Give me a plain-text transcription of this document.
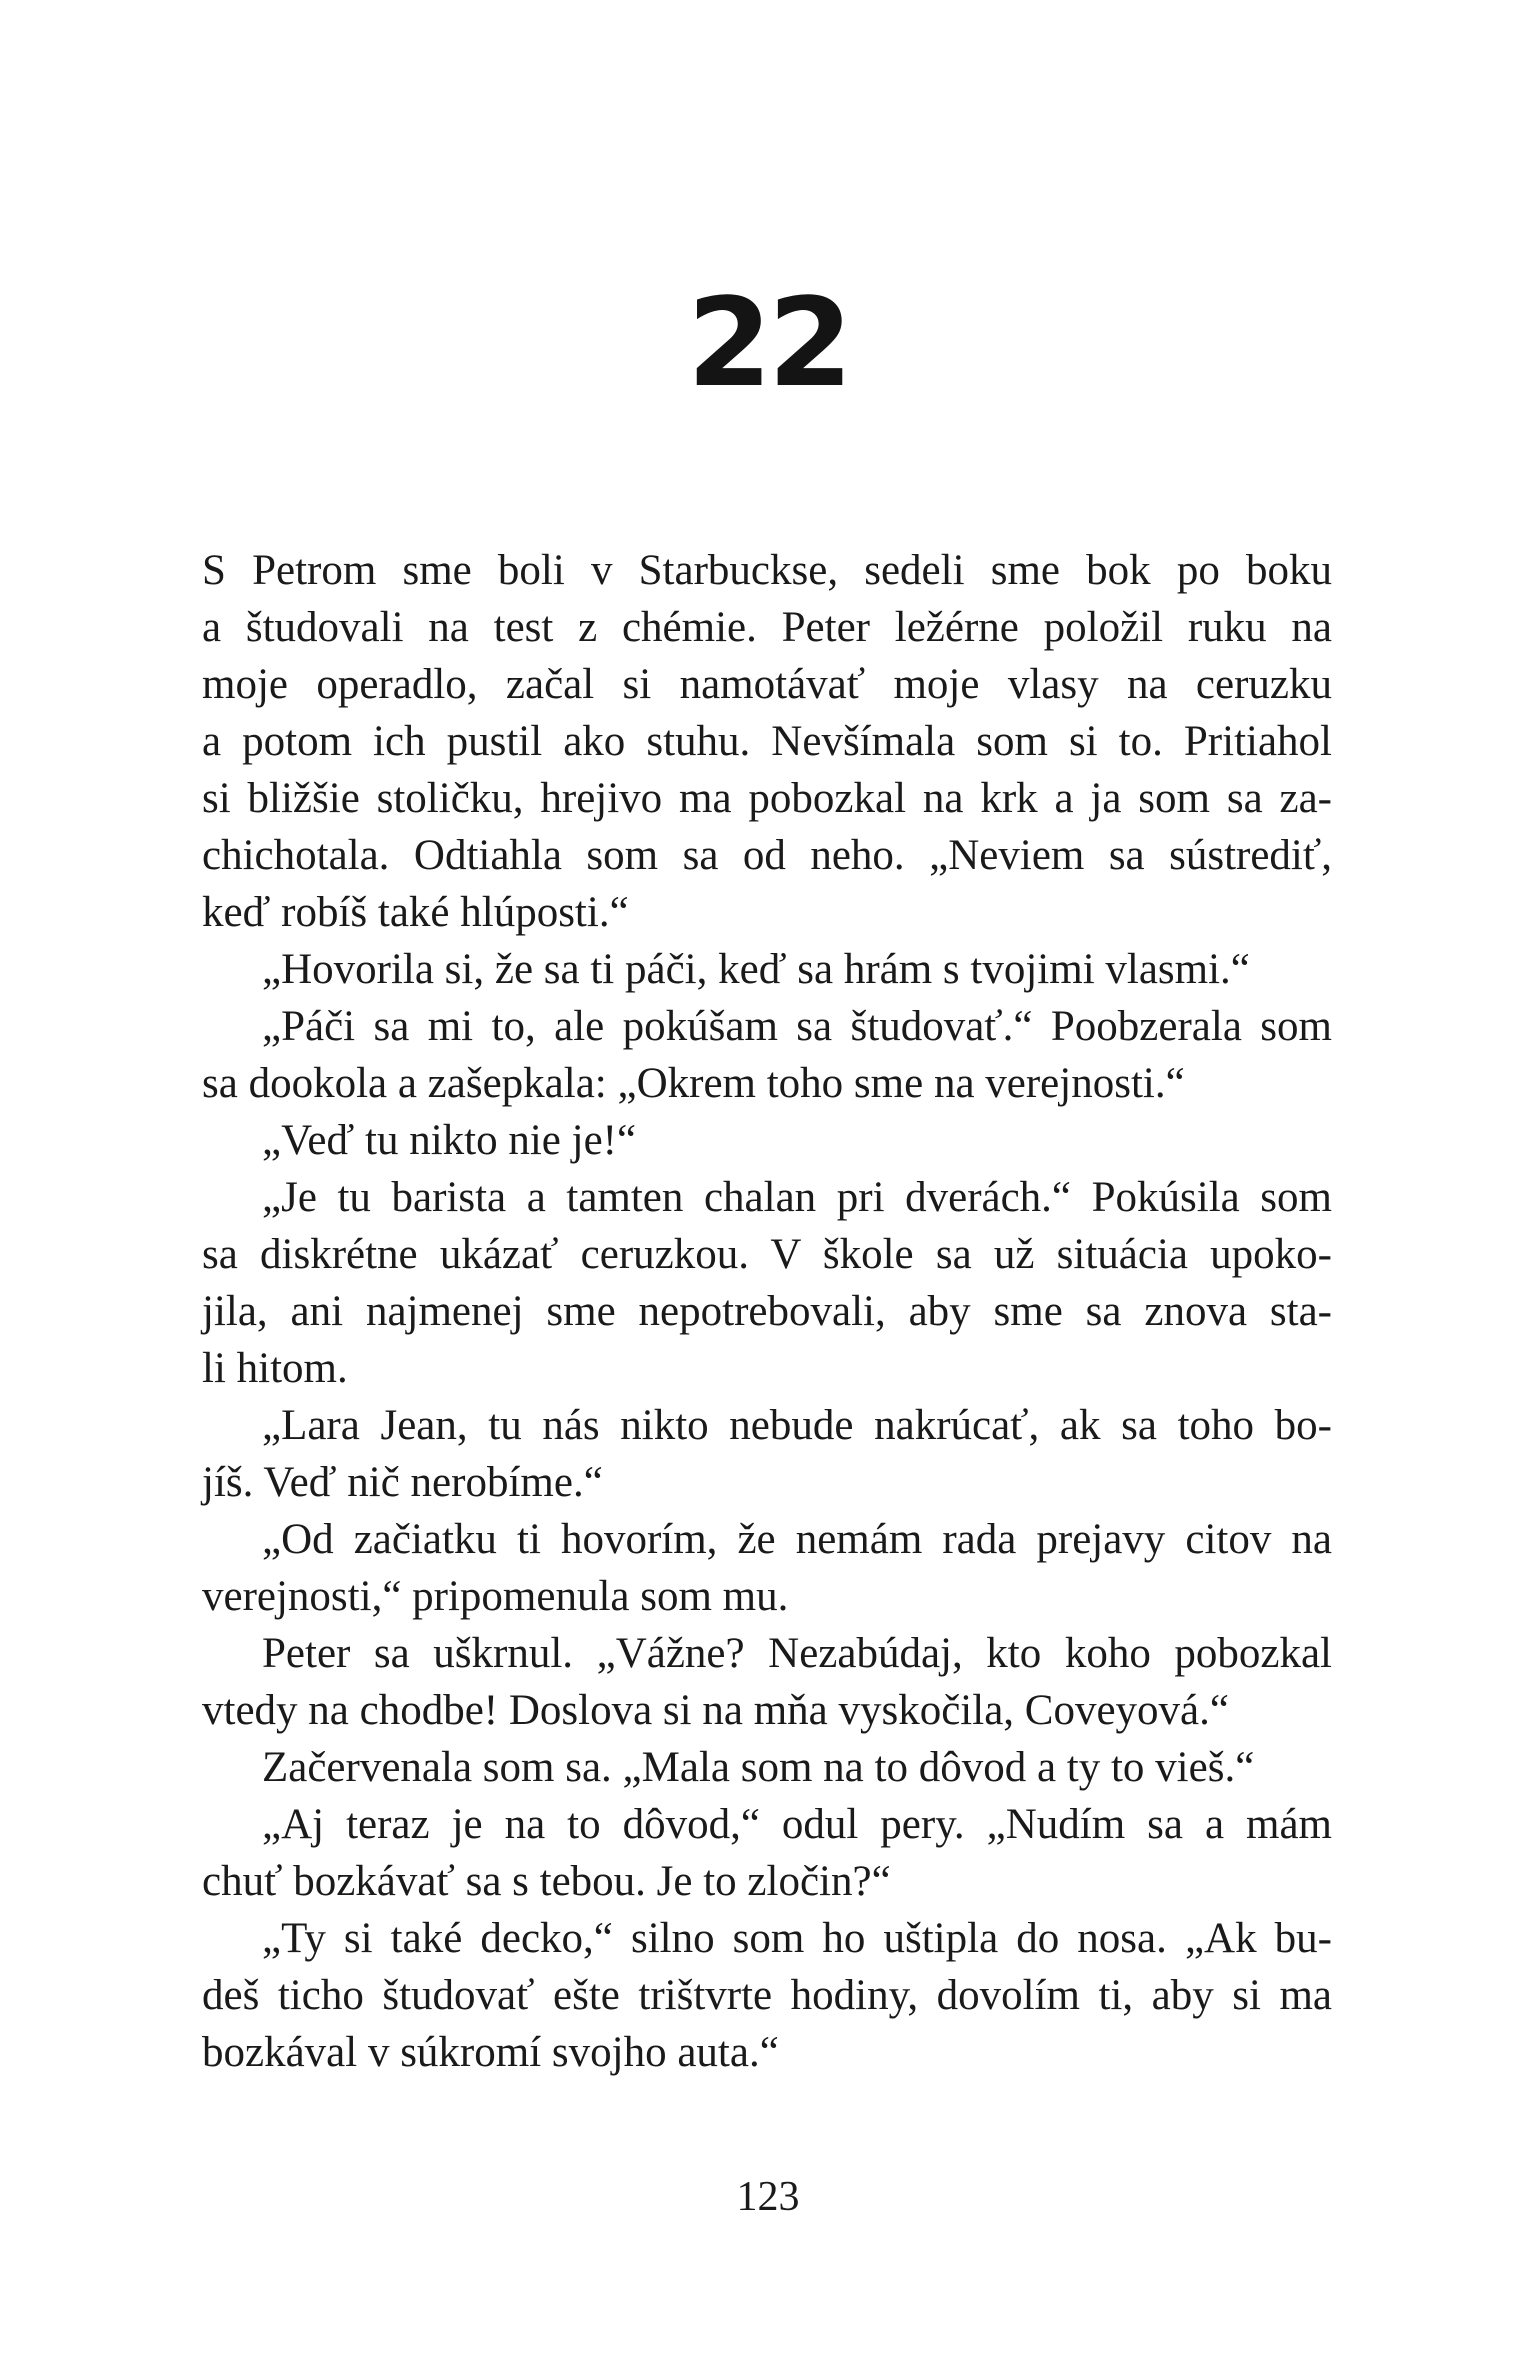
22
S Petrom sme boli v Starbuckse, sedeli sme bok po boku
a študovali na test z chémie. Peter ležérne položil ruku na
moje operadlo, začal si namotávať moje vlasy na ceruzku
a potom ich pustil ako stuhu. Nevšímala som si to. Pritiahol
si bližšie stoličku, hrejivo ma pobozkal na krk a ja som sa za-
chichotala. Odtiahla som sa od neho. „Neviem sa sústrediť,
keď robíš také hlúposti.“
„Hovorila si, že sa ti páči, keď sa hrám s tvojimi vlasmi.“
„Páči sa mi to, ale pokúšam sa študovať.“ Poobzerala som
sa dookola a zašepkala: „Okrem toho sme na verejnosti.“
„Veď tu nikto nie je!“
„Je tu barista a tamten chalan pri dverách.“ Pokúsila som
sa diskrétne ukázať ceruzkou. V škole sa už situácia upoko-
jila, ani najmenej sme nepotrebovali, aby sme sa znova sta-
li hitom.
„Lara Jean, tu nás nikto nebude nakrúcať, ak sa toho bo-
jíš. Veď nič nerobíme.“
„Od začiatku ti hovorím, že nemám rada prejavy citov na
verejnosti,“ pripomenula som mu.
Peter sa uškrnul. „Vážne? Nezabúdaj, kto koho pobozkal
vtedy na chodbe! Doslova si na mňa vyskočila, Coveyová.“
Začervenala som sa. „Mala som na to dôvod a ty to vieš.“
„Aj teraz je na to dôvod,“ odul pery. „Nudím sa a mám
chuť bozkávať sa s tebou. Je to zločin?“
„Ty si také decko,“ silno som ho uštipla do nosa. „Ak bu-
deš ticho študovať ešte trištvrte hodiny, dovolím ti, aby si ma
bozkával v súkromí svojho auta.“
123
